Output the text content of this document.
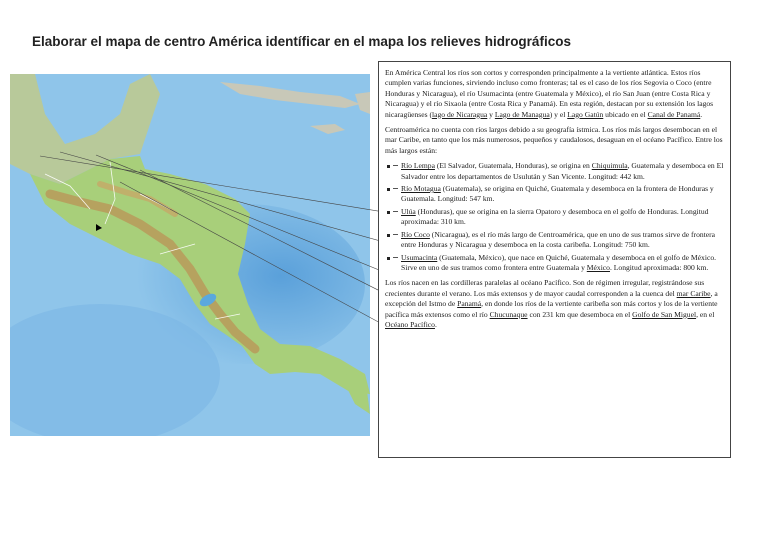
Elaborar el mapa de centro América identíficar en el mapa los relieves hidrográficos

En América Central los ríos son cortos y corresponden principalmente a la vertiente atlántica. Estos ríos cumplen varias funciones, sirviendo incluso como fronteras; tal es el caso de los ríos Segovia o Coco (entre Honduras y Nicaragua), el río Usumacinta (entre Guatemala y México), el río San Juan (entre Costa Rica y Nicaragua) y el río Sixaola (entre Costa Rica y Panamá). En esta región, destacan por su extensión los lagos nicaragüenses (lago de Nicaragua y Lago de Managua) y el Lago Gatún ubicado en el Canal de Panamá.

Centroamérica no cuenta con ríos largos debido a su geografía ístmica. Los ríos más largos desembocan en el mar Caribe, en tanto que los más numerosos, pequeños y caudalosos, desaguan en el océano Pacífico. Entre los más largos están:

Río Lempa (El Salvador, Guatemala, Honduras), se origina en Chiquimula, Guatemala y desemboca en El Salvador entre los departamentos de Usulután y San Vicente. Longitud: 442 km.
Río Motagua (Guatemala), se origina en Quiché, Guatemala y desemboca en la frontera de Honduras y Guatemala. Longitud: 547 km.
Ulúa (Honduras), que se origina en la sierra Opatoro y desemboca en el golfo de Honduras. Longitud aproximada: 310 km.
Río Coco (Nicaragua), es el río más largo de Centroamérica, que en uno de sus tramos sirve de frontera entre Honduras y Nicaragua y desemboca en la costa caribeña. Longitud: 750 km.
Usumacinta (Guatemala, México), que nace en Quiché, Guatemala y desemboca en el golfo de México. Sirve en uno de sus tramos como frontera entre Guatemala y México. Longitud aproximada: 800 km.

Los ríos nacen en las cordilleras paralelas al océano Pacífico. Son de régimen irregular, registrándose sus crecientes durante el verano. Los más extensos y de mayor caudal corresponden a la cuenca del mar Caribe, a excepción del Istmo de Panamá, en donde los ríos de la vertiente caribeña son más cortos y los de la vertiente pacífica más extensos como el río Chucunaque con 231 km que desemboca en el Golfo de San Miguel, en el Océano Pacífico.
